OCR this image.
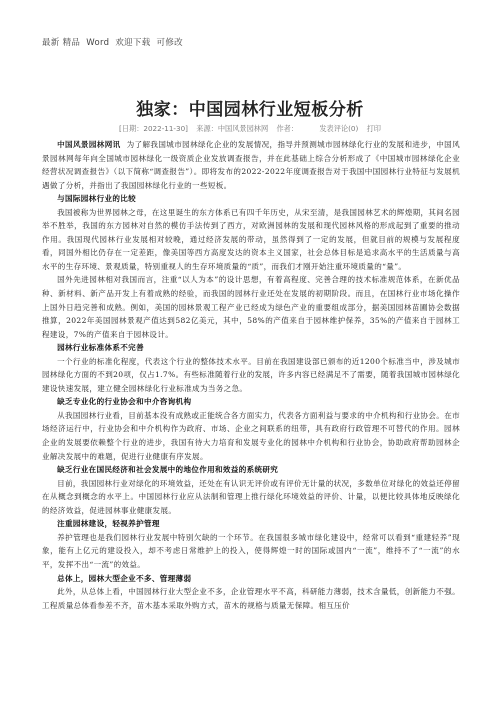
最新 精品 Word 欢迎下载 可修改
独家：中国园林行业短板分析
[日期：2022-11-30] 来源：中国风景园林网 作者：	发表评论(0) 打印

中国风景园林网讯 为了解我国城市园林绿化企业的发展情况，指导并预测城市园林绿化行业的发展和进步，中国风景园林网每年向全国城市园林绿化一级资质企业发放调查报告，并在此基础上综合分析形成了《中国城市园林绿化企业经营状况调查报告》（以下简称“调查报告”）。即将发布的2022-2022年度调查报告对于我国中国园林行业特征与发展机遇做了分析，并指出了我国园林绿化行业的一些短板。

与国际园林行业的比较

我国被称为世界园林之母，在这里诞生的东方体系已有四千年历史，从宋至清，是我国园林艺术的辉煌期，其间名园举不胜举，我国的东方园林对自然的模仿手法传到了西方，对欧洲园林的发展和现代园林风格的形成起到了重要的推动作用。我国现代园林行业发展相对较晚，通过经济发展的带动，虽然得到了一定的发展，但就目前的规模与发展程度看，同国外相比仍存在一定差距，像美国等西方高度发达的资本主义国家，社会总体目标是追求高水平的生活质量与高水平的生存环境、景观质量，特别重视人的生存环境质量的“质”，而我们才刚开始注重环境质量的“量”。

国外先进园林相对我国而言，注重“以人为本”的设计思想，有着高程度、完善合理的技术标准规范体系，在新优品种、新材料、新产品开发上有着成熟的经验，而我国的园林行业还处在发展的初期阶段。而且，在国林行业市场化操作上国外日趋完善和成熟。例如，美国的园林景观工程产业已经成为绿色产业的重要组成部分，据美国园林苗圃协会数据推算，2022年美国园林景观产值达到582亿美元，其中，58%的产值来自于园林维护保养，35%的产值来自于园林工程建设，7%的产值来自于园林设计。

园林行业标准体系不完善

一个行业的标准化程度，代表这个行业的整体技术水平。目前在我国建设部已颁布的近1200个标准当中，涉及城市园林绿化方面的不到20项，仅占1.7%。有些标准随着行业的发展，许多内容已经满足不了需要，随着我国城市园林绿化建设快速发展，建立健全园林绿化行业标准成为当务之急。

缺乏专业化的行业协会和中介咨询机构

从我国园林行业看，目前基本没有成熟或正能统合各方面实力，代表各方面利益与要求的中介机构和行业协会。在市场经济运行中，行业协会和中介机构作为政府、市场、企业之间联系的纽带，具有政府行政管理不可替代的作用。园林企业的发展要依赖整个行业的进步，我国有待大力培育和发展专业化的园林中介机构和行业协会，协助政府帮助园林企业解决发展中的难题，促进行业健康有序发展。

缺乏行业在国民经济和社会发展中的地位作用和效益的系统研究

目前，我国园林行业对绿化的环境效益，还处在有认识无评价或有评价无计量的状况，多数单位对绿化的效益还停留在从概念到概念的水平上。中国园林行业应从法制和管理上推行绿化环境效益的评价、计量，以便比较具体地反映绿化的经济效益，促进园林事业健康发展。

注重园林建设，轻视养护管理

养护管理也是我们园林行业发展中特别欠缺的一个环节。在我国很多城市绿化建设中，经常可以看到“重建轻养”现象，能有上亿元的建设投入，却不考虑日常维护上的投入，使得辉煌一时的国际或国内“一流”，维持不了“一流”的水平，发挥不出“一流”的效益。

总体上，园林大型企业不多、管理薄弱

此外，从总体上看，中国园林行业大型企业不多，企业管理水平不高，科研能力薄弱，技术含量低，创新能力不强。工程质量总体看参差不齐，苗木基本采取外购方式，苗木的规格与质量无保障。相互压价
